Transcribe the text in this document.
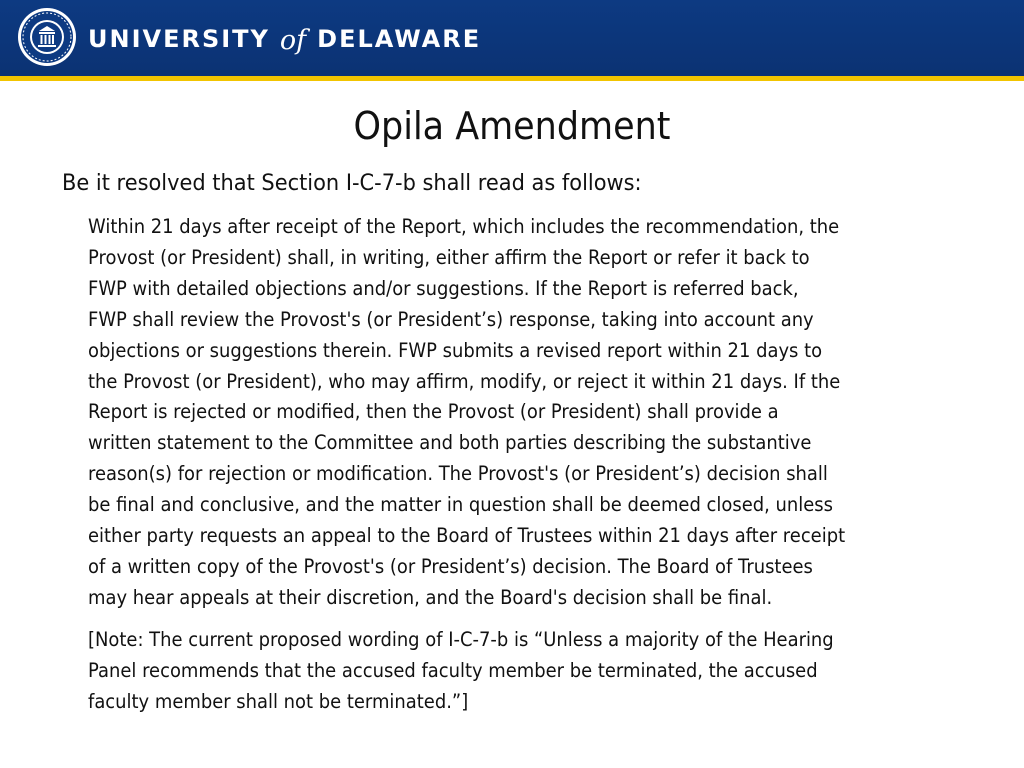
UNIVERSITY of DELAWARE
Opila Amendment

Be it resolved that Section I-C-7-b shall read as follows:

Within 21 days after receipt of the Report, which includes the recommendation, the
Provost (or President) shall, in writing, either affirm the Report or refer it back to
FWP with detailed objections and/or suggestions. If the Report is referred back,
FWP shall review the Provost's (or President’s) response, taking into account any
objections or suggestions therein. FWP submits a revised report within 21 days to
the Provost (or President), who may affirm, modify, or reject it within 21 days. If the
Report is rejected or modified, then the Provost (or President) shall provide a
written statement to the Committee and both parties describing the substantive
reason(s) for rejection or modification. The Provost's (or President’s) decision shall
be final and conclusive, and the matter in question shall be deemed closed, unless
either party requests an appeal to the Board of Trustees within 21 days after receipt
of a written copy of the Provost's (or President’s) decision. The Board of Trustees
may hear appeals at their discretion, and the Board's decision shall be final.
[Note: The current proposed wording of I-C-7-b is “Unless a majority of the Hearing
Panel recommends that the accused faculty member be terminated, the accused
faculty member shall not be terminated.”]
